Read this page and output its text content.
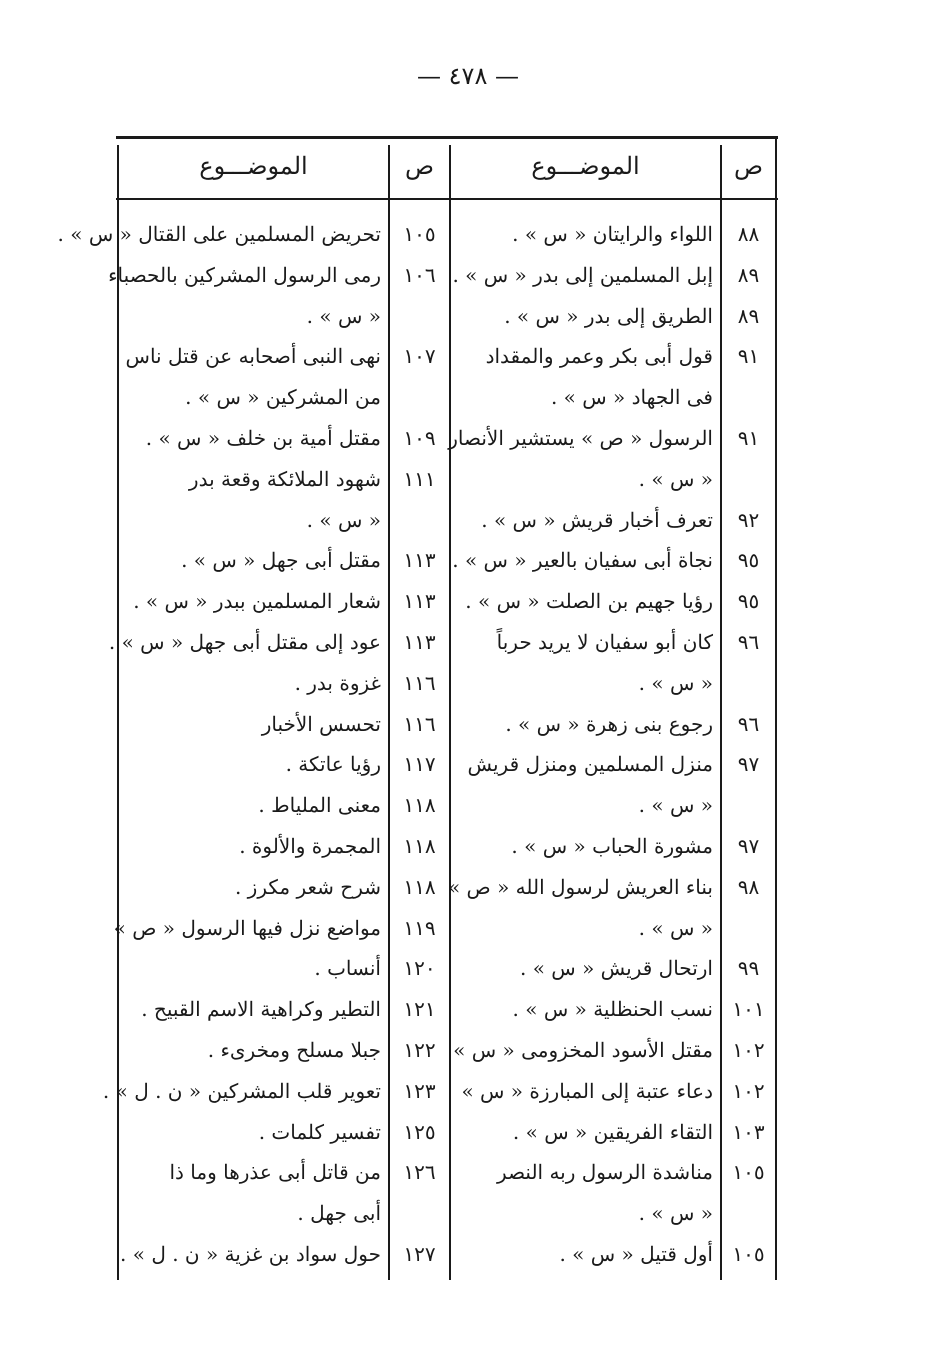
— ٤٧٨ —
ص
الموضـــوع
ص
الموضـــوع
٨٨
اللواء والرايتان « س » .
١٠٥
تحريض المسلمين على القتال « س » .
٨٩
إبل المسلمين إلى بدر « س » .
١٠٦
رمى الرسول المشركين بالحصباء
٨٩
الطريق إلى بدر « س » .
« س » .
٩١
قول أبى بكر وعمر والمقداد
١٠٧
نهى النبى أصحابه عن قتل ناس
فى الجهاد « س » .
من المشركين « س » .
٩١
الرسول « ص » يستشير الأنصار
١٠٩
مقتل أمية بن خلف « س » .
« س » .
١١١
شهود الملائكة وقعة بدر
٩٢
تعرف أخبار قريش « س » .
« س » .
٩٥
نجاة أبى سفيان بالعير « س » .
١١٣
مقتل أبى جهل « س » .
٩٥
رؤيا جهيم بن الصلت « س » .
١١٣
شعار المسلمين ببدر « س » .
٩٦
كان أبو سفيان لا يريد حرباً
١١٣
عود إلى مقتل أبى جهل « س » .
« س » .
١١٦
غزوة بدر .
٩٦
رجوع بنى زهرة « س » .
١١٦
تحسس الأخبار
٩٧
منزل المسلمين ومنزل قريش
١١٧
رؤيا عاتكة .
« س » .
١١٨
معنى الملياط .
٩٧
مشورة الحباب « س » .
١١٨
المجمرة والألوة .
٩٨
بناء العريش لرسول الله « ص »
١١٨
شرح شعر مكرز .
« س » .
١١٩
مواضع نزل فيها الرسول « ص »
٩٩
ارتحال قريش « س » .
١٢٠
أنساب .
١٠١
نسب الحنظلية « س » .
١٢١
التطير وكراهية الاسم القبيح .
١٠٢
مقتل الأسود المخزومى « س »
١٢٢
جبلا مسلح ومخرىء .
١٠٢
دعاء عتبة إلى المبارزة « س »
١٢٣
تعوير قلب المشركين « ن . ل » .
١٠٣
التقاء الفريقين « س » .
١٢٥
تفسير كلمات .
١٠٥
مناشدة الرسول ربه النصر
١٢٦
من قاتل أبى عذرها وما ذا
« س » .
أبى جهل .
١٠٥
أول قتيل « س » .
١٢٧
حول سواد بن غزية « ن . ل » .
